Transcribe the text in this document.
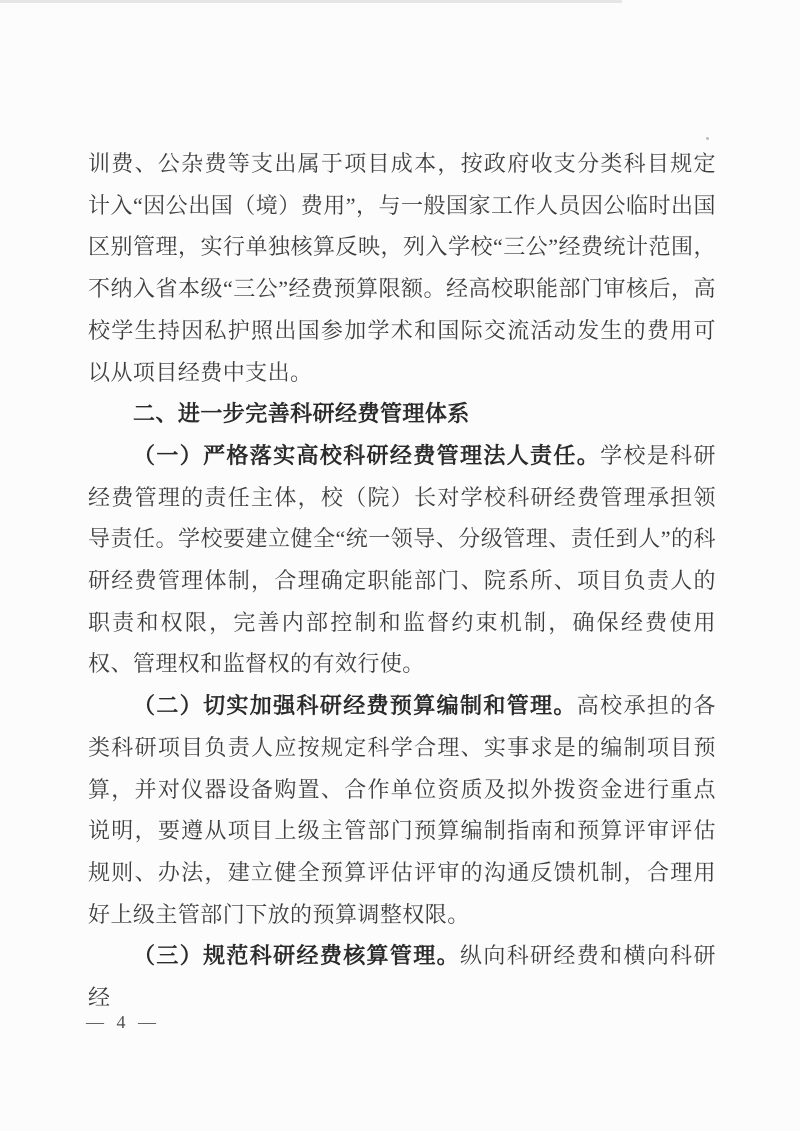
训费、公杂费等支出属于项目成本，按政府收支分类科目规定计入“因公出国（境）费用”，与一般国家工作人员因公临时出国区别管理，实行单独核算反映，列入学校“三公”经费统计范围，不纳入省本级“三公”经费预算限额。经高校职能部门审核后，高校学生持因私护照出国参加学术和国际交流活动发生的费用可以从项目经费中支出。

二、进一步完善科研经费管理体系

（一）严格落实高校科研经费管理法人责任。学校是科研经费管理的责任主体，校（院）长对学校科研经费管理承担领导责任。学校要建立健全“统一领导、分级管理、责任到人”的科研经费管理体制，合理确定职能部门、院系所、项目负责人的职责和权限，完善内部控制和监督约束机制，确保经费使用权、管理权和监督权的有效行使。

（二）切实加强科研经费预算编制和管理。高校承担的各类科研项目负责人应按规定科学合理、实事求是的编制项目预算，并对仪器设备购置、合作单位资质及拟外拨资金进行重点说明，要遵从项目上级主管部门预算编制指南和预算评审评估规则、办法，建立健全预算评估评审的沟通反馈机制，合理用好上级主管部门下放的预算调整权限。

（三）规范科研经费核算管理。纵向科研经费和横向科研经

— 4 —
